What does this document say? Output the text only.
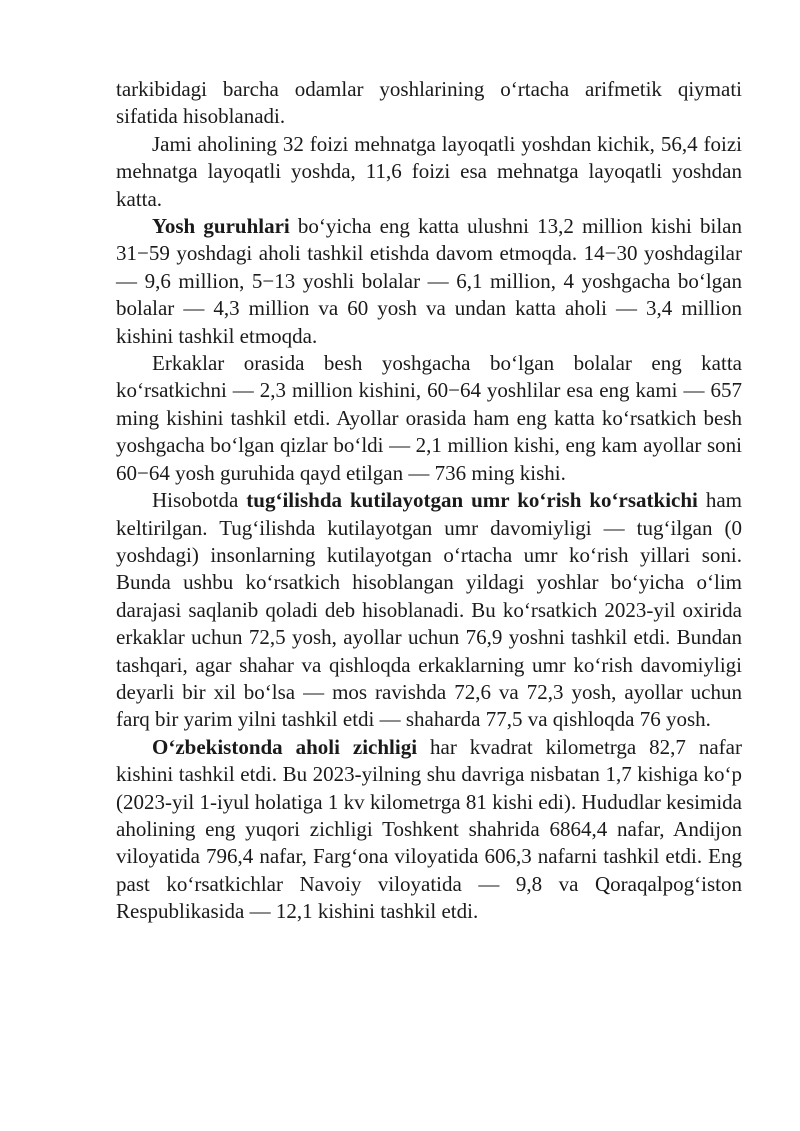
tarkibidagi barcha odamlar yoshlarining o‘rtacha arifmetik qiymati sifatida hisoblanadi.

Jami aholining 32 foizi mehnatga layoqatli yoshdan kichik, 56,4 foizi mehnatga layoqatli yoshda, 11,6 foizi esa mehnatga layoqatli yoshdan katta.

Yosh guruhlari bo‘yicha eng katta ulushni 13,2 million kishi bilan 31−59 yoshdagi aholi tashkil etishda davom etmoqda. 14−30 yoshdagilar — 9,6 million, 5−13 yoshli bolalar — 6,1 million, 4 yoshgacha bo‘lgan bolalar — 4,3 million va 60 yosh va undan katta aholi — 3,4 million kishini tashkil etmoqda.

Erkaklar orasida besh yoshgacha bo‘lgan bolalar eng katta ko‘rsatkichni — 2,3 million kishini, 60−64 yoshlilar esa eng kami — 657 ming kishini tashkil etdi. Ayollar orasida ham eng katta ko‘rsatkich besh yoshgacha bo‘lgan qizlar bo‘ldi — 2,1 million kishi, eng kam ayollar soni 60−64 yosh guruhida qayd etilgan — 736 ming kishi.

Hisobotda tug‘ilishda kutilayotgan umr ko‘rish ko‘rsatkichi ham keltirilgan. Tug‘ilishda kutilayotgan umr davomiyligi — tug‘ilgan (0 yoshdagi) insonlarning kutilayotgan o‘rtacha umr ko‘rish yillari soni. Bunda ushbu ko‘rsatkich hisoblangan yildagi yoshlar bo‘yicha o‘lim darajasi saqlanib qoladi deb hisoblanadi. Bu ko‘rsatkich 2023-yil oxirida erkaklar uchun 72,5 yosh, ayollar uchun 76,9 yoshni tashkil etdi. Bundan tashqari, agar shahar va qishloqda erkaklarning umr ko‘rish davomiyligi deyarli bir xil bo‘lsa — mos ravishda 72,6 va 72,3 yosh, ayollar uchun farq bir yarim yilni tashkil etdi — shaharda 77,5 va qishloqda 76 yosh.

O‘zbekistonda aholi zichligi har kvadrat kilometrga 82,7 nafar kishini tashkil etdi. Bu 2023-yilning shu davriga nisbatan 1,7 kishiga ko‘p (2023-yil 1-iyul holatiga 1 kv kilometrga 81 kishi edi). Hududlar kesimida aholining eng yuqori zichligi Toshkent shahrida 6864,4 nafar, Andijon viloyatida 796,4 nafar, Farg‘ona viloyatida 606,3 nafarni tashkil etdi. Eng past ko‘rsatkichlar Navoiy viloyatida — 9,8 va Qoraqalpog‘iston Respublikasida — 12,1 kishini tashkil etdi.
